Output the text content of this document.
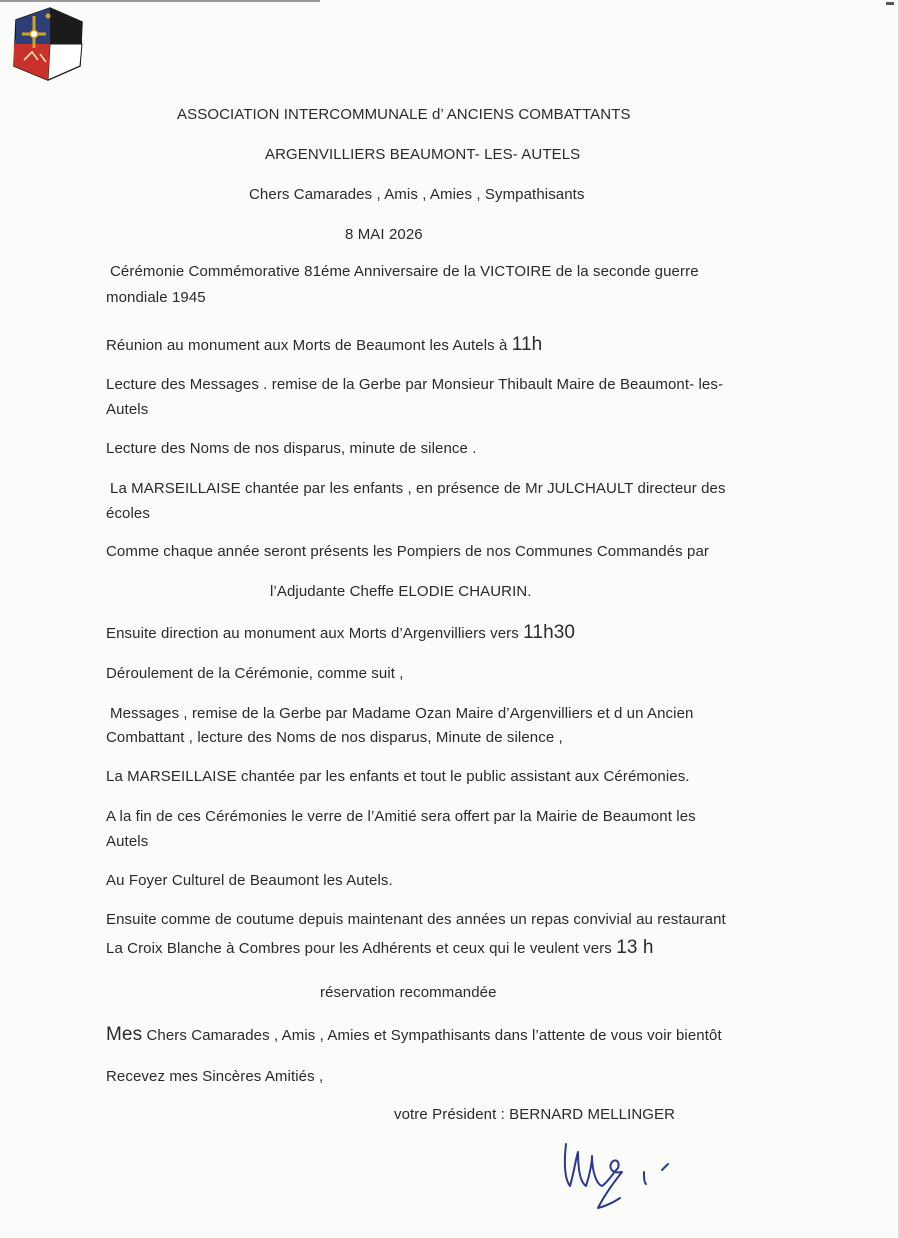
ASSOCIATION INTERCOMMUNALE d’ ANCIENS COMBATTANTS
ARGENVILLIERS BEAUMONT- LES- AUTELS
Chers Camarades , Amis , Amies , Sympathisants
8 MAI 2026
Cérémonie Commémorative 81éme Anniversaire de la VICTOIRE de la seconde guerre
mondiale 1945
Réunion au monument aux Morts de Beaumont les Autels à 11h
Lecture des Messages . remise de la Gerbe par Monsieur Thibault Maire de Beaumont- les-
Autels
Lecture des Noms de nos disparus, minute de silence .
La MARSEILLAISE chantée par les enfants , en présence de Mr JULCHAULT directeur des
écoles
Comme chaque année seront présents les Pompiers de nos Communes Commandés par
l’Adjudante Cheffe ELODIE CHAURIN.
Ensuite direction au monument aux Morts d’Argenvilliers vers 11h30
Déroulement de la Cérémonie, comme suit ,
Messages , remise de la Gerbe par Madame Ozan Maire d’Argenvilliers et d un Ancien
Combattant , lecture des Noms de nos disparus, Minute de silence ,
La MARSEILLAISE chantée par les enfants et tout le public assistant aux Cérémonies.
A la fin de ces Cérémonies le verre de l’Amitié sera offert par la Mairie de Beaumont les
Autels
Au Foyer Culturel de Beaumont les Autels.
Ensuite comme de coutume depuis maintenant des années un repas convivial au restaurant
La Croix Blanche à Combres pour les Adhérents et ceux qui le veulent vers 13 h
réservation recommandée
Mes Chers Camarades , Amis , Amies et Sympathisants dans l’attente de vous voir bientôt
Recevez mes Sincères Amitiés ,
votre Président : BERNARD MELLINGER
